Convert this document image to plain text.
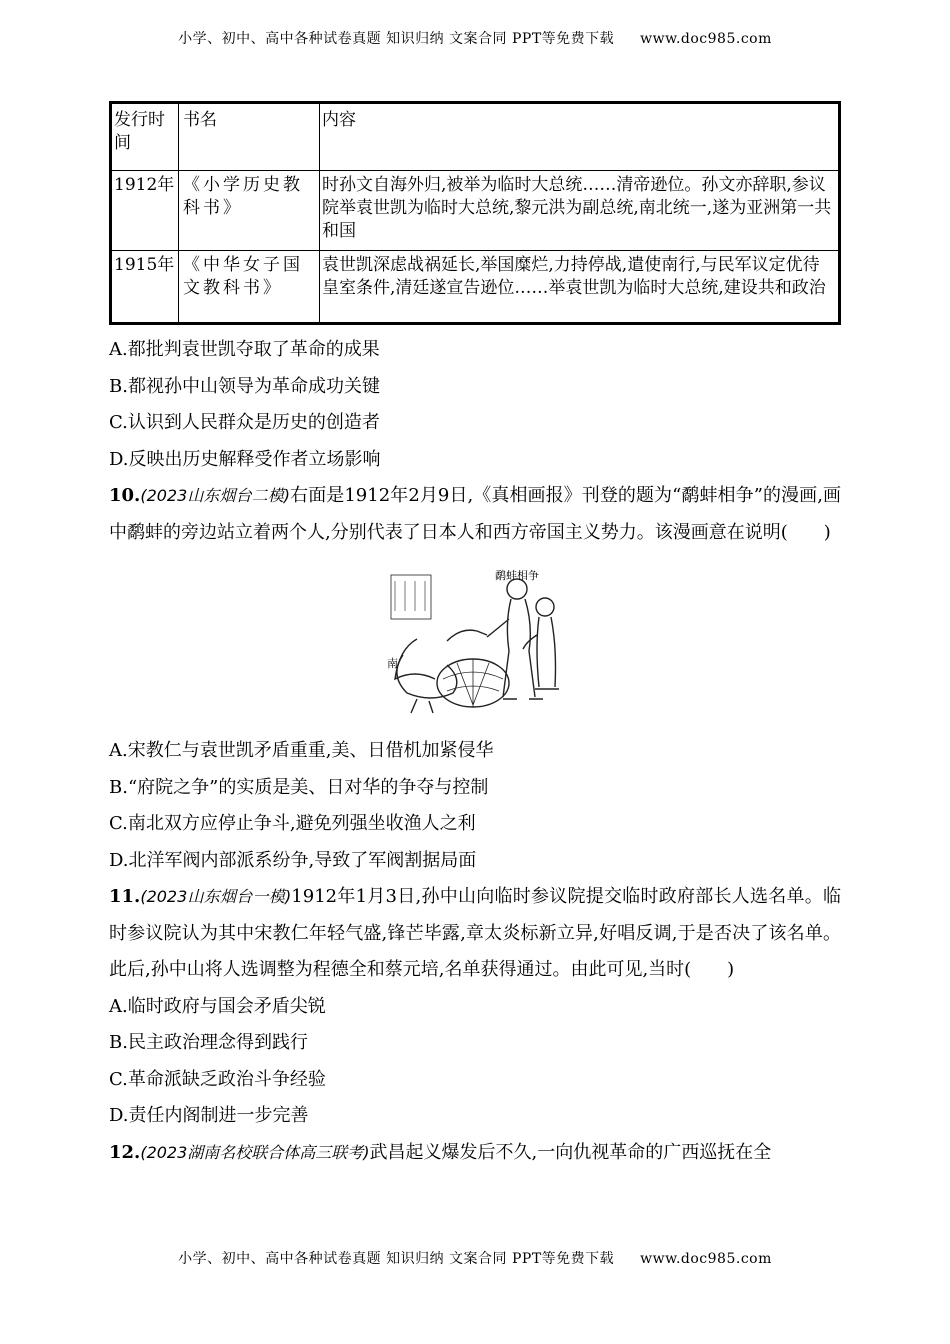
小学、初中、高中各种试卷真题 知识归纳 文案合同 PPT等免费下载 www.doc985.com
发行时间	书名	内容
1912年	《小学历史教科书》	时孙文自海外归,被举为临时大总统……清帝逊位。孙文亦辞职,参议院举袁世凯为临时大总统,黎元洪为副总统,南北统一,遂为亚洲第一共和国
1915年	《中华女子国文教科书》	袁世凯深虑战祸延长,举国糜烂,力持停战,遣使南行,与民军议定优待皇室条件,清廷遂宣告逊位……举袁世凯为临时大总统,建设共和政治
A.都批判袁世凯夺取了革命的成果
B.都视孙中山领导为革命成功关键
C.认识到人民群众是历史的创造者
D.反映出历史解释受作者立场影响
10.(2023山东烟台二模)右面是1912年2月9日,《真相画报》刊登的题为“鹬蚌相争”的漫画,画中鹬蚌的旁边站立着两个人,分别代表了日本人和西方帝国主义势力。该漫画意在说明(　　)
鹬蚌相争
南
A.宋教仁与袁世凯矛盾重重,美、日借机加紧侵华
B.“府院之争”的实质是美、日对华的争夺与控制
C.南北双方应停止争斗,避免列强坐收渔人之利
D.北洋军阀内部派系纷争,导致了军阀割据局面
11.(2023山东烟台一模)1912年1月3日,孙中山向临时参议院提交临时政府部长人选名单。临时参议院认为其中宋教仁年轻气盛,锋芒毕露,章太炎标新立异,好唱反调,于是否决了该名单。此后,孙中山将人选调整为程德全和蔡元培,名单获得通过。由此可见,当时(　　)
A.临时政府与国会矛盾尖锐
B.民主政治理念得到践行
C.革命派缺乏政治斗争经验
D.责任内阁制进一步完善
12.(2023湖南名校联合体高三联考)武昌起义爆发后不久,一向仇视革命的广西巡抚在全
小学、初中、高中各种试卷真题 知识归纳 文案合同 PPT等免费下载 www.doc985.com
